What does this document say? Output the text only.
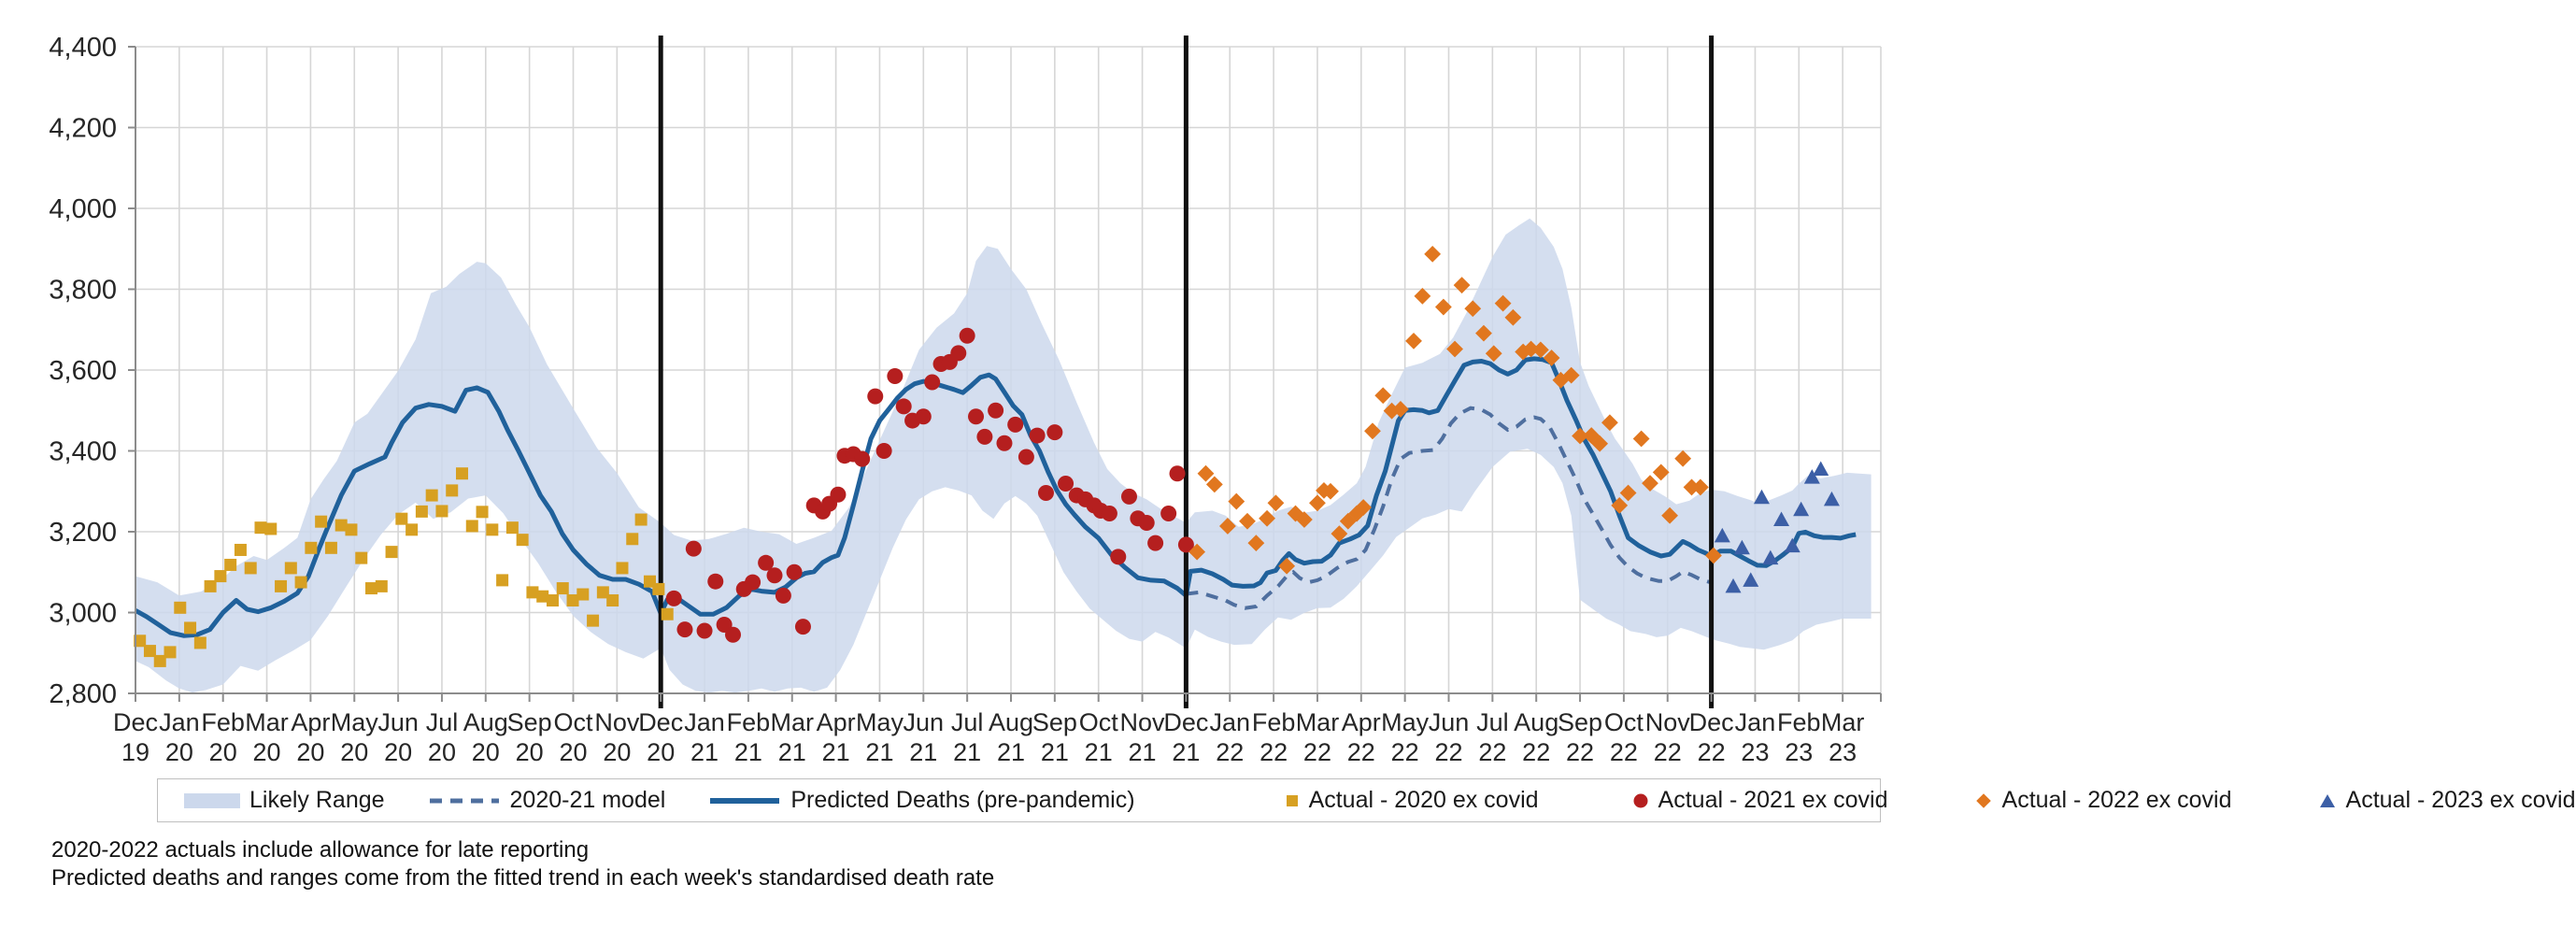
2,800
3,000
3,200
3,400
3,600
3,800
4,000
4,200
4,400
Dec
19
Jan
20
Feb
20
Mar
20
Apr
20
May
20
Jun
20
Jul
20
Aug
20
Sep
20
Oct
20
Nov
20
Dec
20
Jan
21
Feb
21
Mar
21
Apr
21
May
21
Jun
21
Jul
21
Aug
21
Sep
21
Oct
21
Nov
21
Dec
21
Jan
22
Feb
22
Mar
22
Apr
22
May
22
Jun
22
Jul
22
Aug
22
Sep
22
Oct
22
Nov
22
Dec
22
Jan
23
Feb
23
Mar
23
Likely Range	2020-21 model	Predicted Deaths (pre-pandemic)	Actual - 2020 ex covid	Actual - 2021 ex covid	Actual - 2022 ex covid	Actual - 2023 ex covid
2020-2022 actuals include allowance for late reporting
Predicted deaths and ranges come from the fitted trend in each week's standardised death rate
